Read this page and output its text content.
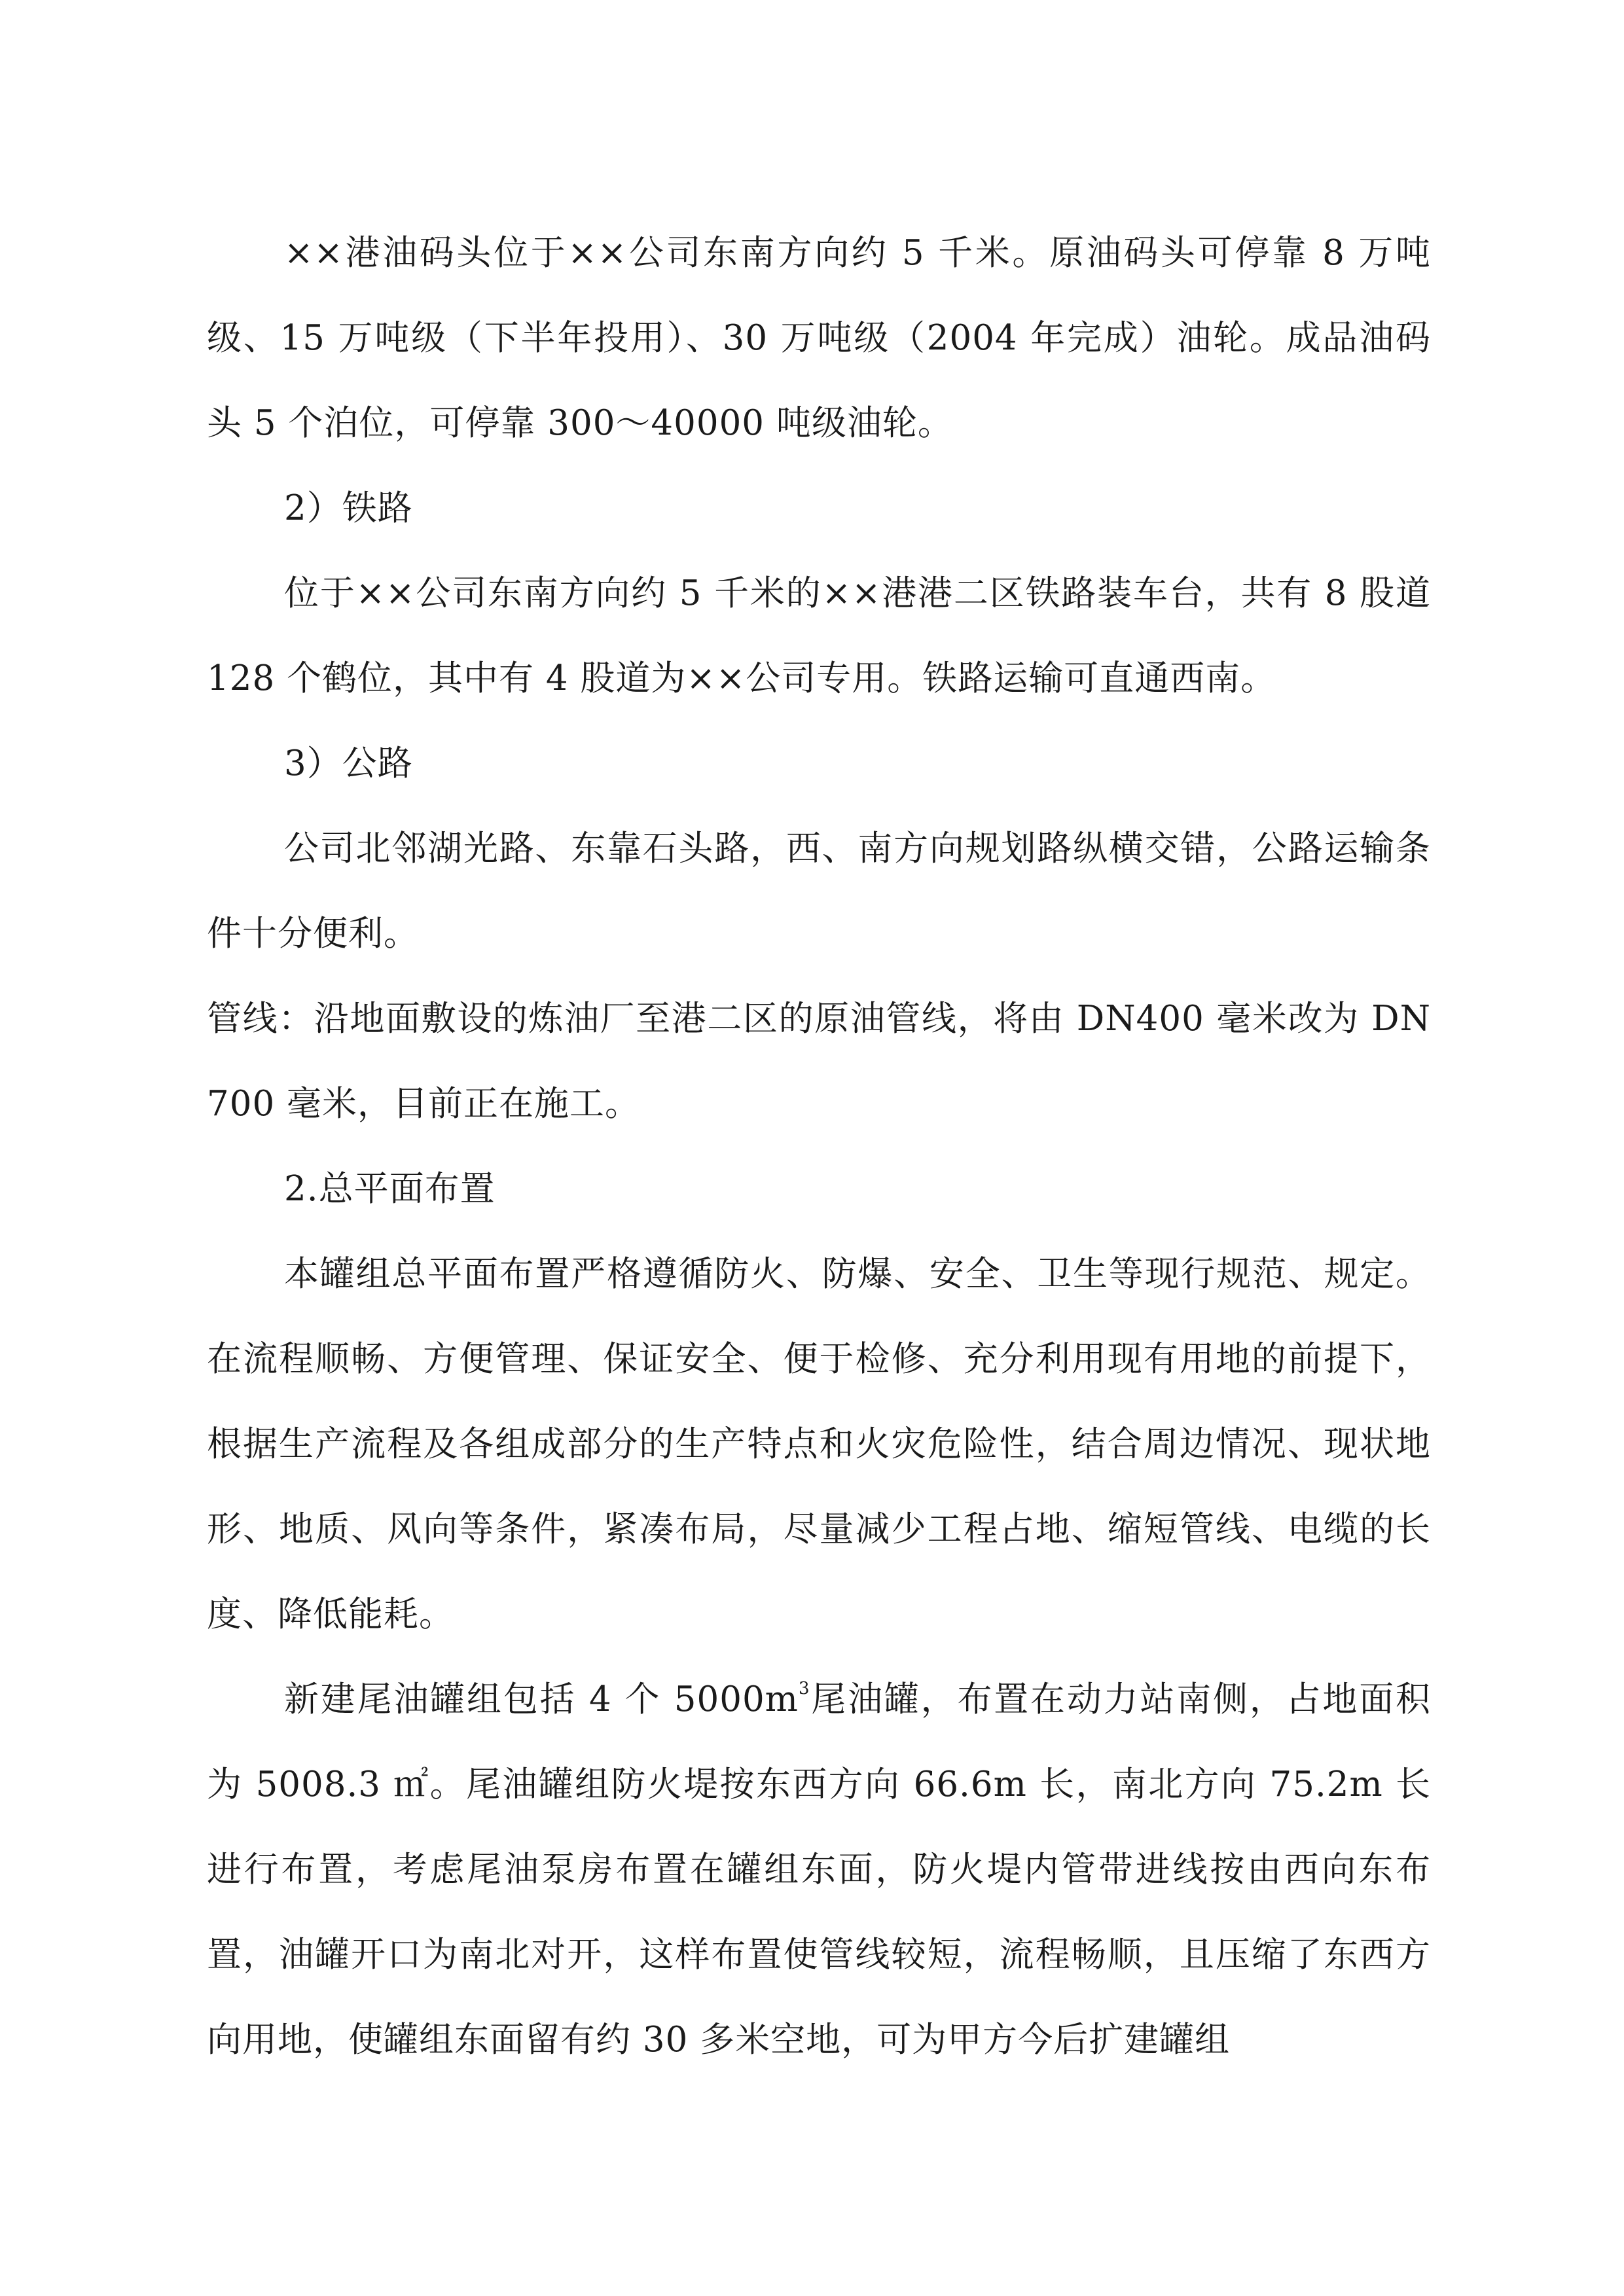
××港油码头位于××公司东南方向约 5 千米。原油码头可停靠 8 万吨级、15 万吨级（下半年投用）、30 万吨级（2004 年完成）油轮。成品油码头 5 个泊位，可停靠 300～40000 吨级油轮。

2）铁路

位于××公司东南方向约 5 千米的××港港二区铁路装车台，共有 8 股道 128 个鹤位，其中有 4 股道为××公司专用。铁路运输可直通西南。

3）公路

公司北邻湖光路、东靠石头路，西、南方向规划路纵横交错，公路运输条件十分便利。

管线：沿地面敷设的炼油厂至港二区的原油管线，将由 DN400 毫米改为 DN700 毫米，目前正在施工。

2.总平面布置

本罐组总平面布置严格遵循防火、防爆、安全、卫生等现行规范、规定。在流程顺畅、方便管理、保证安全、便于检修、充分利用现有用地的前提下，根据生产流程及各组成部分的生产特点和火灾危险性，结合周边情况、现状地形、地质、风向等条件，紧凑布局，尽量减少工程占地、缩短管线、电缆的长度、降低能耗。

新建尾油罐组包括 4 个 $5000m^3$尾油罐，布置在动力站南侧，占地面积为 5008.3 ㎡。尾油罐组防火堤按东西方向 66.6m 长，南北方向 75.2m 长进行布置，考虑尾油泵房布置在罐组东面，防火堤内管带进线按由西向东布置，油罐开口为南北对开，这样布置使管线较短，流程畅顺，且压缩了东西方向用地，使罐组东面留有约 30 多米空地，可为甲方今后扩建罐组
